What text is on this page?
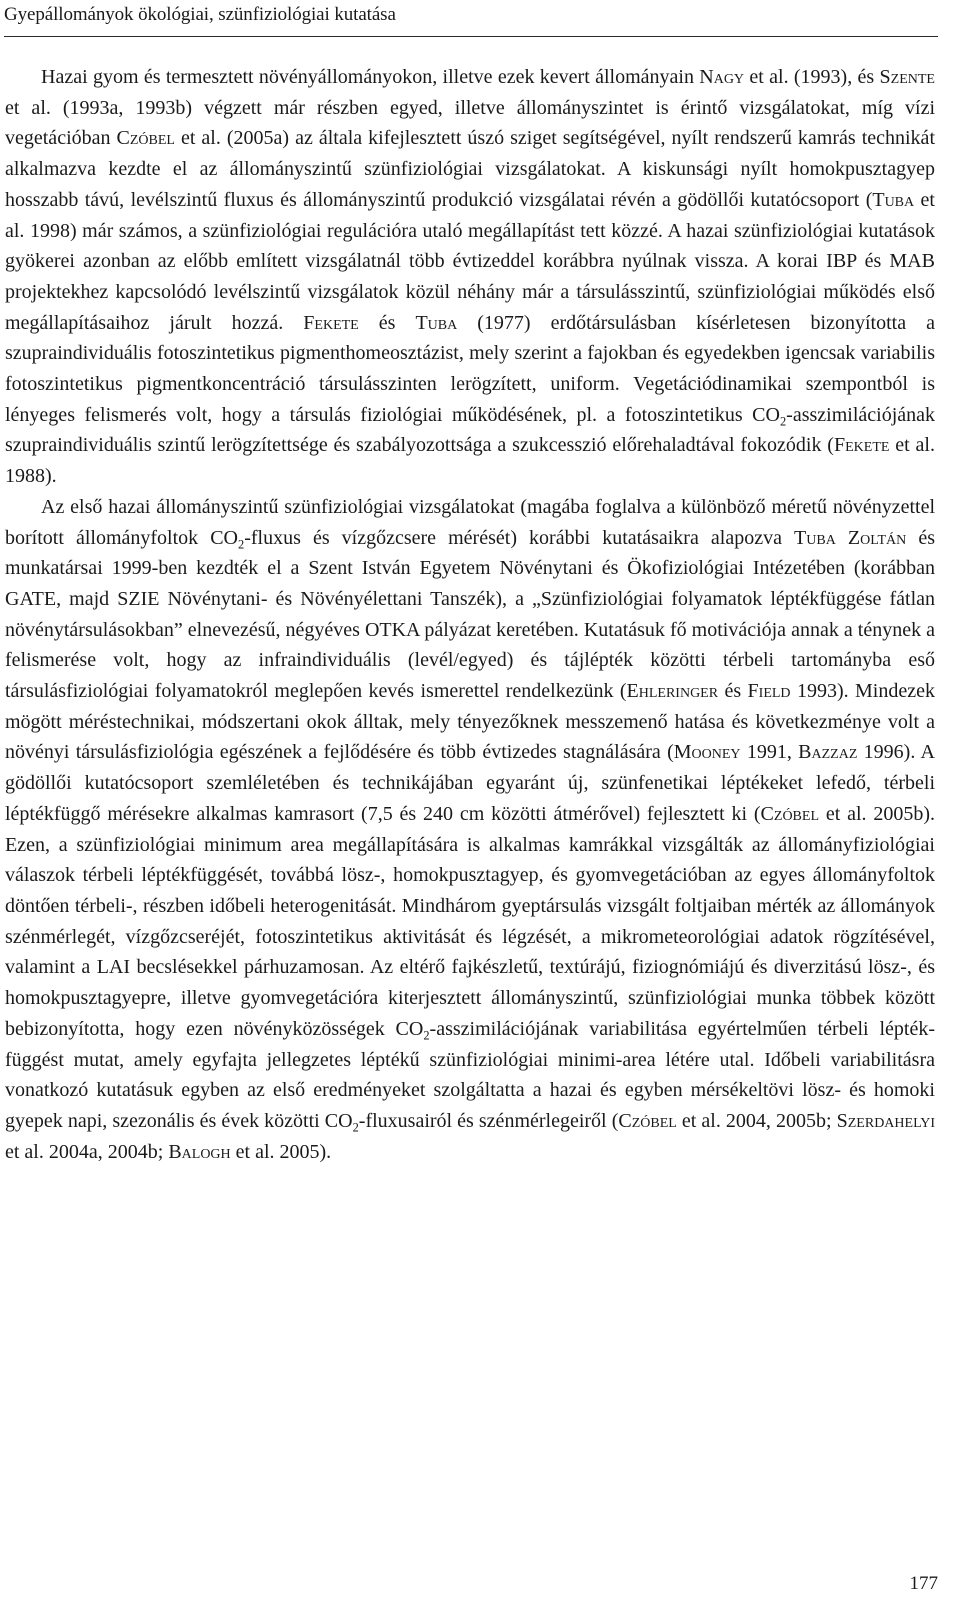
Gyepállományok ökológiai, szünfiziológiai kutatása

Hazai gyom és termesztett növényállományokon, illetve ezek kevert állományain Nagy et al. (1993), és Szente et al. (1993a, 1993b) végzett már részben egyed, illetve állományszintet is érintő vizsgálatokat, míg vízi vegetációban Czóbel et al. (2005a) az általa kifejlesztett úszó sziget segítségével, nyílt rendszerű kamrás technikát alkalmazva kezdte el az állományszintű szünfiziológiai vizsgálatokat. A kiskunsági nyílt homokpusztagyep hosszabb távú, levélszintű fluxus és állományszintű produkció vizsgálatai révén a gödöllői kutatócsoport (Tuba et al. 1998) már számos, a szünfiziológiai regulációra utaló megállapítást tett közzé. A hazai szünfiziológiai kutatások gyökerei azonban az előbb említett vizsgálatnál több évtizeddel korábbra nyúlnak vissza. A korai IBP és MAB projektekhez kapcsolódó levélszintű vizsgálatok közül néhány már a társulásszintű, szünfiziológiai működés első megállapításaihoz járult hozzá. Fekete és Tuba (1977) erdőtársulásban kísérletesen bizonyította a szupraindividuális fotoszintetikus pigmenthomeosztázist, mely szerint a fajokban és egyedekben igencsak variabilis fotoszintetikus pigmentkoncentráció társulásszinten lerögzített, uniform. Vegetációdinamikai szempontból is lényeges felismerés volt, hogy a társulás fiziológiai működésének, pl. a fotoszintetikus $CO_2$-asszimilációjának szupraindividuális szintű lerögzítettsége és szabályozottsága a szukcesszió előrehaladtával fokozódik (Fekete et al. 1988).

Az első hazai állományszintű szünfiziológiai vizsgálatokat (magába foglalva a különböző méretű növényzettel borított állományfoltok $CO_2$-fluxus és vízgőzcsere mérését) korábbi kutatásaikra alapozva Tuba Zoltán és munkatársai 1999-ben kezdték el a Szent István Egyetem Növénytani és Ökofiziológiai Intézetében (korábban GATE, majd SZIE Növénytani- és Növényélettani Tanszék), a „Szünfiziológiai folyamatok léptékfüggése fátlan növénytársulásokban” elnevezésű, négyéves OTKA pályázat keretében. Kutatásuk fő motivációja annak a ténynek a felismerése volt, hogy az infraindividuális (levél/egyed) és tájlépték közötti térbeli tartományba eső társulásfiziológiai folyamatokról meglepően kevés ismerettel rendelkezünk (Ehleringer és Field 1993). Mindezek mögött méréstechnikai, módszertani okok álltak, mely tényezőknek messzemenő hatása és következménye volt a növényi társulásfiziológia egészének a fejlődésére és több évtizedes stagnálására (Mooney 1991, Bazzaz 1996). A gödöllői kutatócsoport szemléletében és technikájában egyaránt új, szünfenetikai léptékeket lefedő, térbeli léptékfüggő mérésekre alkalmas kamrasort (7,5 és 240 cm közötti átmérővel) fejlesztett ki (Czóbel et al. 2005b). Ezen, a szünfiziológiai minimum area megállapítására is alkalmas kamrákkal vizsgálták az állományfiziológiai válaszok térbeli léptékfüggését, továbbá lösz-, homokpusztagyep, és gyomvegetációban az egyes állományfoltok döntően térbeli-, részben időbeli heterogenitását. Mindhárom gyeptársulás vizsgált foltjaiban mérték az állományok szénmérlegét, vízgőzcseréjét, fotoszintetikus aktivitását és légzését, a mikrometeorológiai adatok rögzítésével, valamint a LAI becslésekkel párhuzamosan. Az eltérő fajkészletű, textúrájú, fiziognómiájú és diverzitású lösz-, és homokpusztagyepre, illetve gyomvegetációra kiterjesztett állományszintű, szünfiziológiai munka többek között bebizonyította, hogy ezen növényközösségek $CO_2$-asszimilációjának variabilitása egyértelműen térbeli léptékfüggést mutat, amely egyfajta jellegzetes léptékű szünfiziológiai minimi-area létére utal. Időbeli variabilitásra vonatkozó kutatásuk egyben az első eredményeket szolgáltatta a hazai és egyben mérsékeltövi lösz- és homoki gyepek napi, szezonális és évek közötti $CO_2$-fluxusairól és szénmérlegeiről (Czóbel et al. 2004, 2005b; Szerdahelyi et al. 2004a, 2004b; Balogh et al. 2005).

177
